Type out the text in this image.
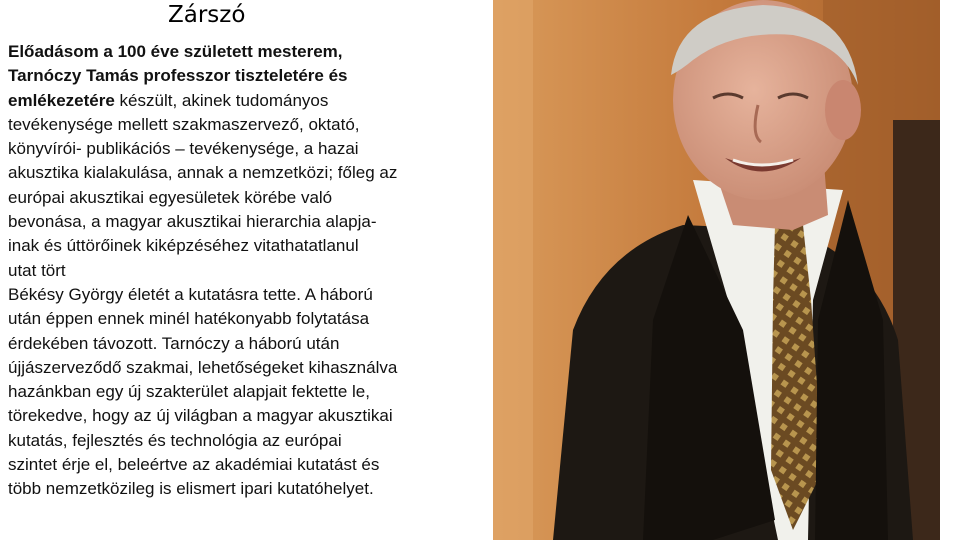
Zárszó
Előadásom a 100 éve született mesterem,
Tarnóczy Tamás professzor tiszteletére és
emlékezetére készült, akinek tudományos
tevékenysége mellett szakmaszervező, oktató,
könyvírói- publikációs – tevékenysége, a hazai
akusztika kialakulása, annak a nemzetközi; főleg az
európai akusztikai egyesületek körébe való
bevonása, a magyar akusztikai hierarchia alapja-
inak és úttörőinek kiképzéséhez vitathatatlanul
utat tört
Békésy György életét a kutatásra tette. A háború
után éppen ennek minél hatékonyabb folytatása
érdekében távozott. Tarnóczy a háború után
újjászerveződő szakmai, lehetőségeket kihasználva
hazánkban egy új szakterület alapjait fektette le,
törekedve, hogy az új világban a magyar akusztikai
kutatás, fejlesztés és technológia az európai
szintet érje el, beleértve az akadémiai kutatást és
több nemzetközileg is elismert ipari kutatóhelyet.
